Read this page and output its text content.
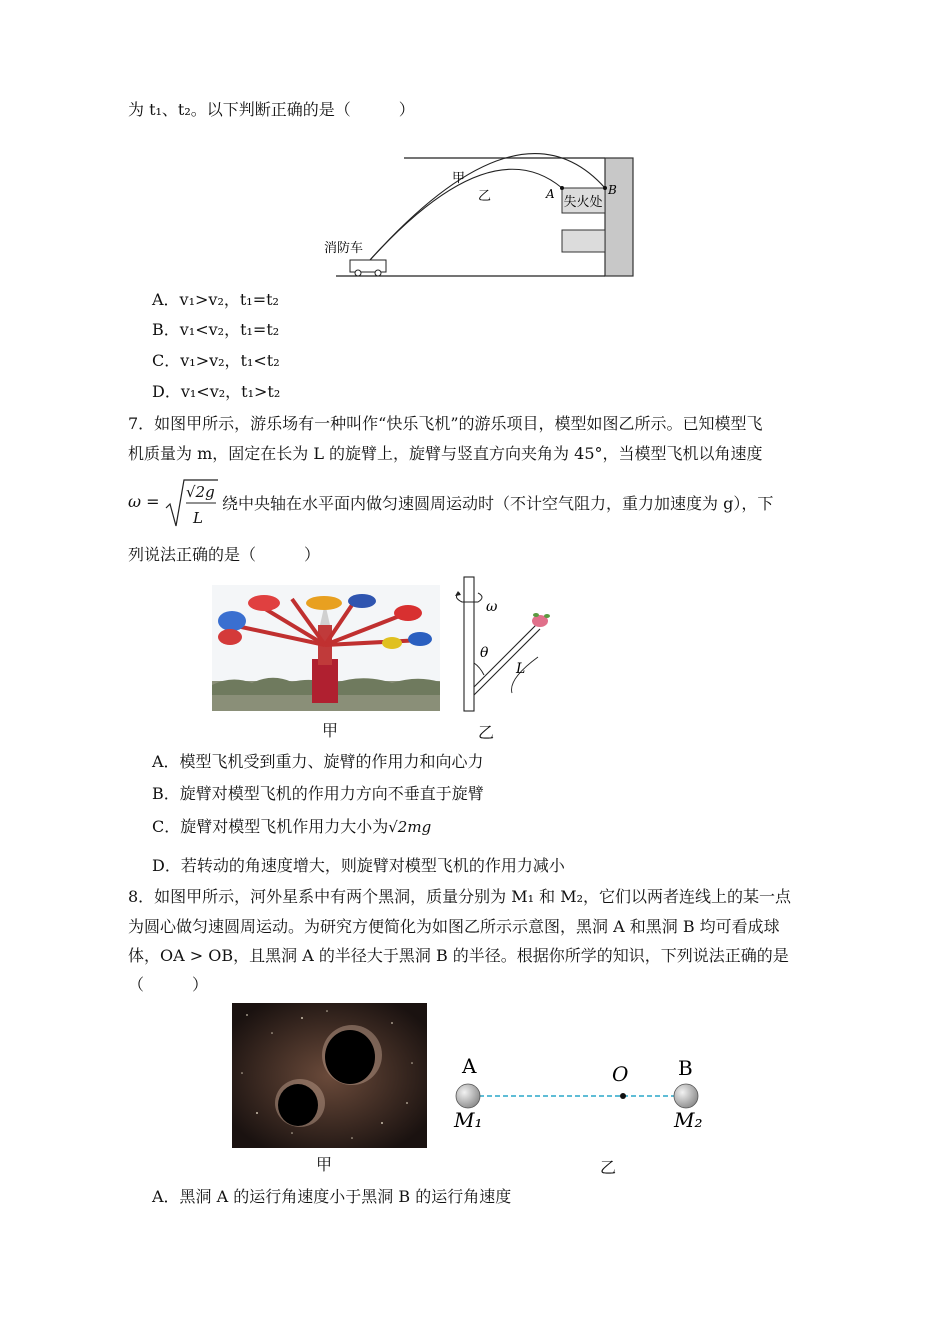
为 t₁、t₂。以下判断正确的是（　　　）
失火处
甲
乙	A	B
消防车
A．v₁>v₂，t₁=t₂
B．v₁<v₂，t₁=t₂
C．v₁>v₂，t₁<t₂
D．v₁<v₂，t₁>t₂
7．如图甲所示，游乐场有一种叫作“快乐飞机”的游乐项目，模型如图乙所示。已知模型飞
机质量为 m，固定在长为 L 的旋臂上，旋臂与竖直方向夹角为 45°，当模型飞机以角速度
ω = √2g
L
绕中央轴在水平面内做匀速圆周运动时（不计空气阻力，重力加速度为 g），下
列说法正确的是（　　　）
甲
ω
θ
L
乙
A．模型飞机受到重力、旋臂的作用力和向心力
B．旋臂对模型飞机的作用力方向不垂直于旋臂
C．旋臂对模型飞机作用力大小为√2mg
D．若转动的角速度增大，则旋臂对模型飞机的作用力减小
8．如图甲所示，河外星系中有两个黑洞，质量分别为 M₁ 和 M₂，它们以两者连线上的某一点
为圆心做匀速圆周运动。为研究方便简化为如图乙所示示意图，黑洞 A 和黑洞 B 均可看成球
体，OA > OB，且黑洞 A 的半径大于黑洞 B 的半径。根据你所学的知识，下列说法正确的是
（　　　）
甲
A	O B
M₁	M₂
乙
A．黑洞 A 的运行角速度小于黑洞 B 的运行角速度
